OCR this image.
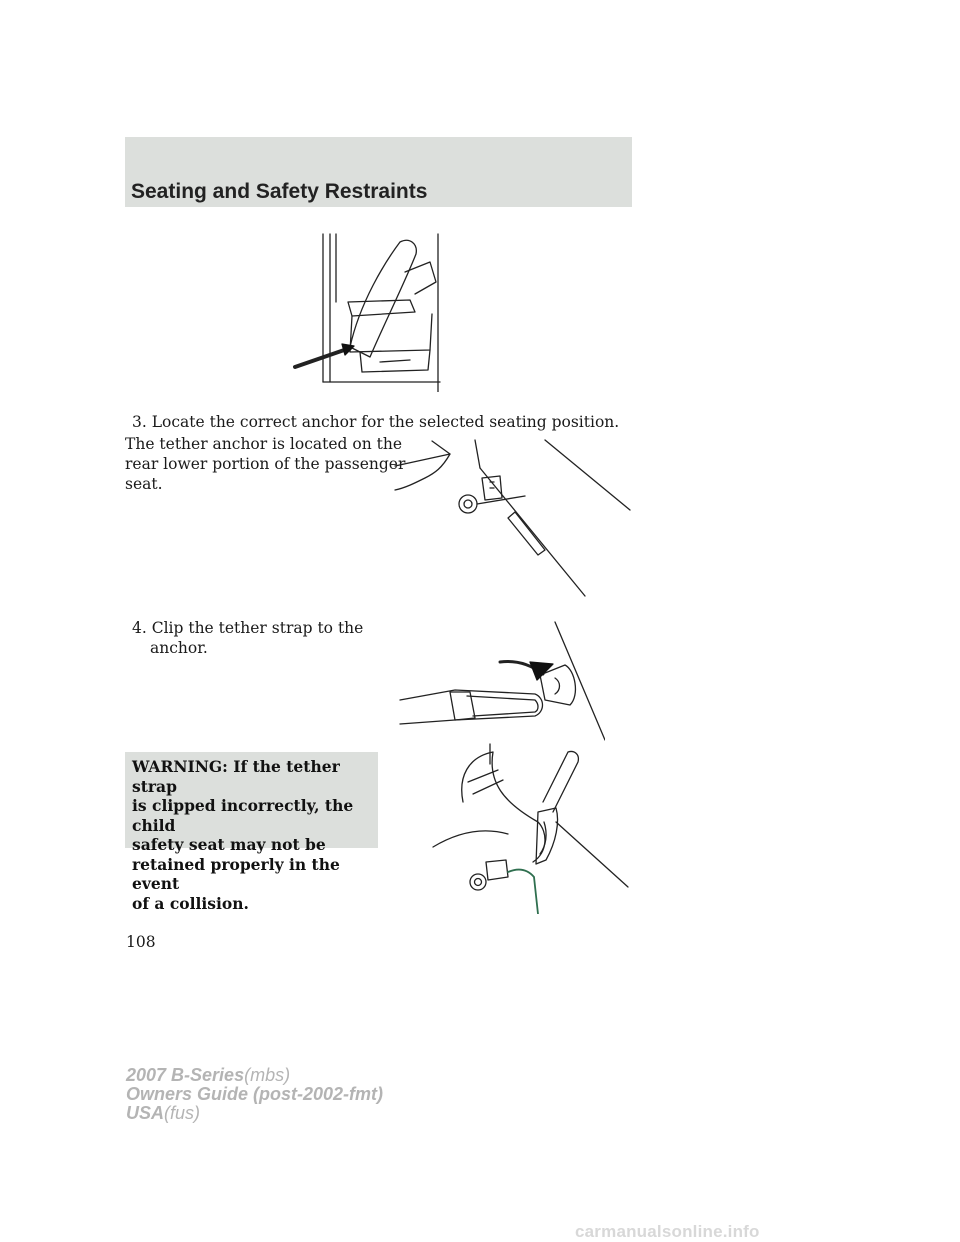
Seating and Safety Restraints
3. Locate the correct anchor for the selected seating position.
The tether anchor is located on the
rear lower portion of the passenger
seat.
4. Clip the tether strap to the
anchor.
WARNING: If the tether strap
is clipped incorrectly, the child
safety seat may not be
retained properly in the event
of a collision.
108
2007 B-Series(mbs)
Owners Guide (post-2002-fmt)
USA(fus)
carmanualsonline.info
